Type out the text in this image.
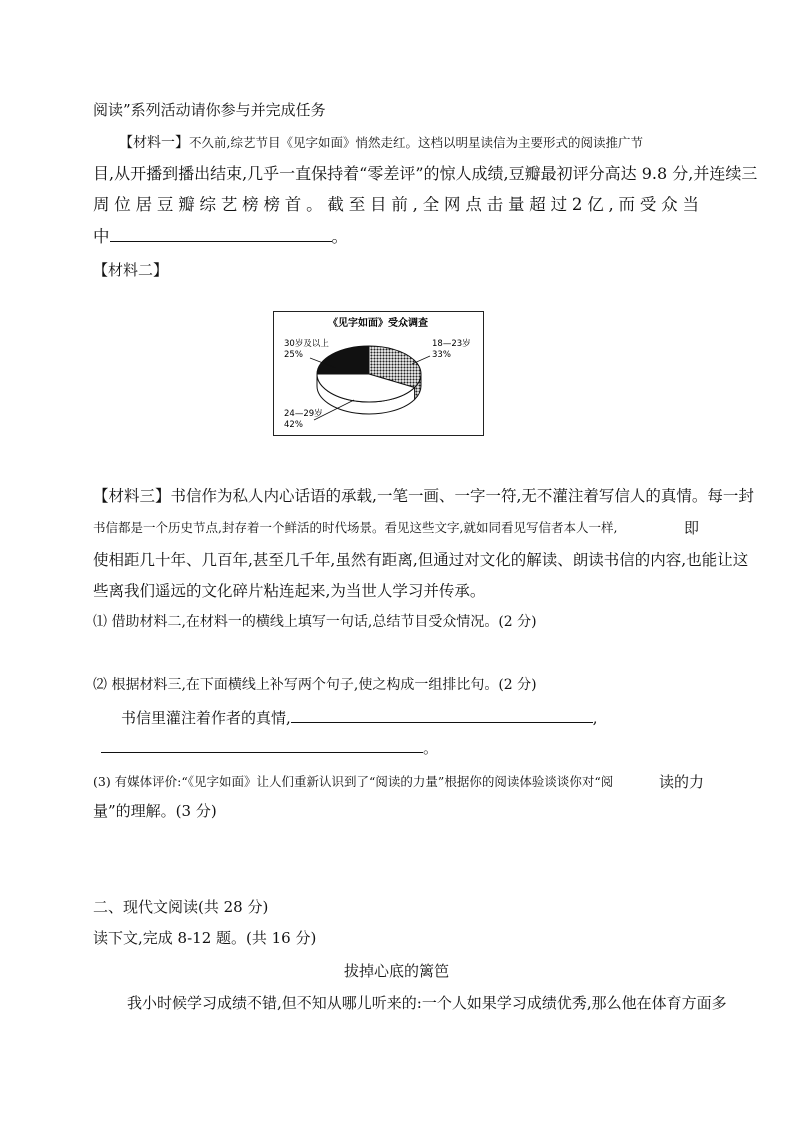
阅读”系列活动请你参与并完成任务
【材料一】不久前,综艺节目《见字如面》悄然走红。这档以明星读信为主要形式的阅读推广节
目,从开播到播出结束,几乎一直保持着“零差评”的惊人成绩,豆瓣最初评分高达 9.8 分,并连续三
周位居豆瓣综艺榜榜首。截至目前,全网点击量超过2亿,而受众当
中	。
【材料二】
《见字如面》受众调查
18—23岁
33%
24—29岁
42%
30岁及以上
25%
【材料三】书信作为私人内心话语的承载,一笔一画、一字一符,无不灌注着写信人的真情。每一封
书信都是一个历史节点,封存着一个鲜活的时代场景。看见这些文字,就如同看见写信者本人一样,	即
使相距几十年、几百年,甚至几千年,虽然有距离,但通过对文化的解读、朗读书信的内容,也能让这
些离我们遥远的文化碎片粘连起来,为当世人学习并传承。
⑴ 借助材料二,在材料一的横线上填写一句话,总结节目受众情况。(2 分)
⑵ 根据材料三,在下面横线上补写两个句子,使之构成一组排比句。(2 分)
书信里灌注着作者的真情,	,
。
(3) 有媒体评价:“《见字如面》让人们重新认识到了“阅读的力量”根据你的阅读体验谈谈你对“阅	读的力
量”的理解。(3 分)
二、现代文阅读(共 28 分)
读下文,完成 8-12 题。(共 16 分)
拔掉心底的篱笆
我小时候学习成绩不错,但不知从哪儿听来的:一个人如果学习成绩优秀,那么他在体育方面多
